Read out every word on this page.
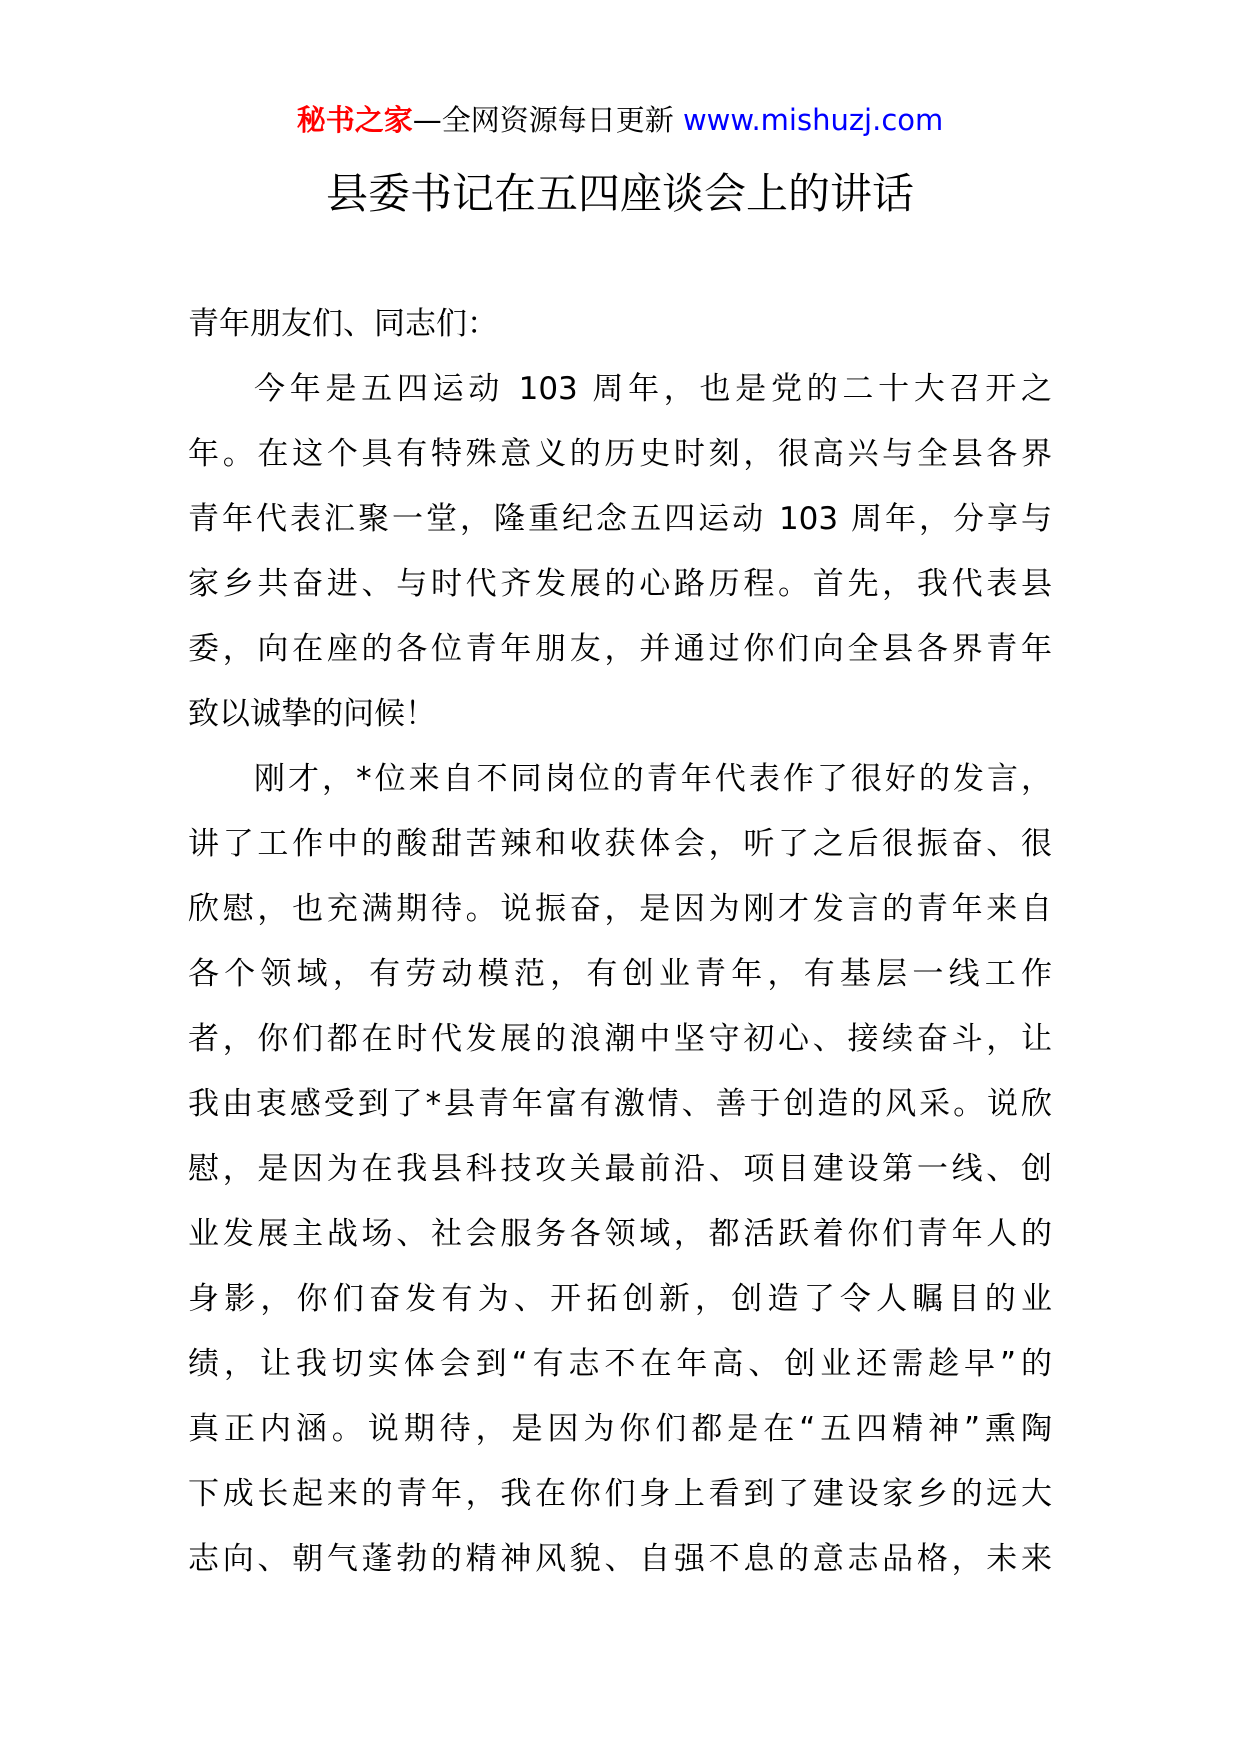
秘书之家—全网资源每日更新 www.mishuzj.com
县委书记在五四座谈会上的讲话
青年朋友们、同志们：
今年是五四运动 103 周年，也是党的二十大召开之
年。在这个具有特殊意义的历史时刻，很高兴与全县各界
青年代表汇聚一堂，隆重纪念五四运动 103 周年，分享与
家乡共奋进、与时代齐发展的心路历程。首先，我代表县
委，向在座的各位青年朋友，并通过你们向全县各界青年
致以诚挚的问候！
刚才，*位来自不同岗位的青年代表作了很好的发言，
讲了工作中的酸甜苦辣和收获体会，听了之后很振奋、很
欣慰，也充满期待。说振奋，是因为刚才发言的青年来自
各个领域，有劳动模范，有创业青年，有基层一线工作
者，你们都在时代发展的浪潮中坚守初心、接续奋斗，让
我由衷感受到了*县青年富有激情、善于创造的风采。说欣
慰，是因为在我县科技攻关最前沿、项目建设第一线、创
业发展主战场、社会服务各领域，都活跃着你们青年人的
身影，你们奋发有为、开拓创新，创造了令人瞩目的业
绩，让我切实体会到“有志不在年高、创业还需趁早”的
真正内涵。说期待，是因为你们都是在“五四精神”熏陶
下成长起来的青年，我在你们身上看到了建设家乡的远大
志向、朝气蓬勃的精神风貌、自强不息的意志品格，未来
